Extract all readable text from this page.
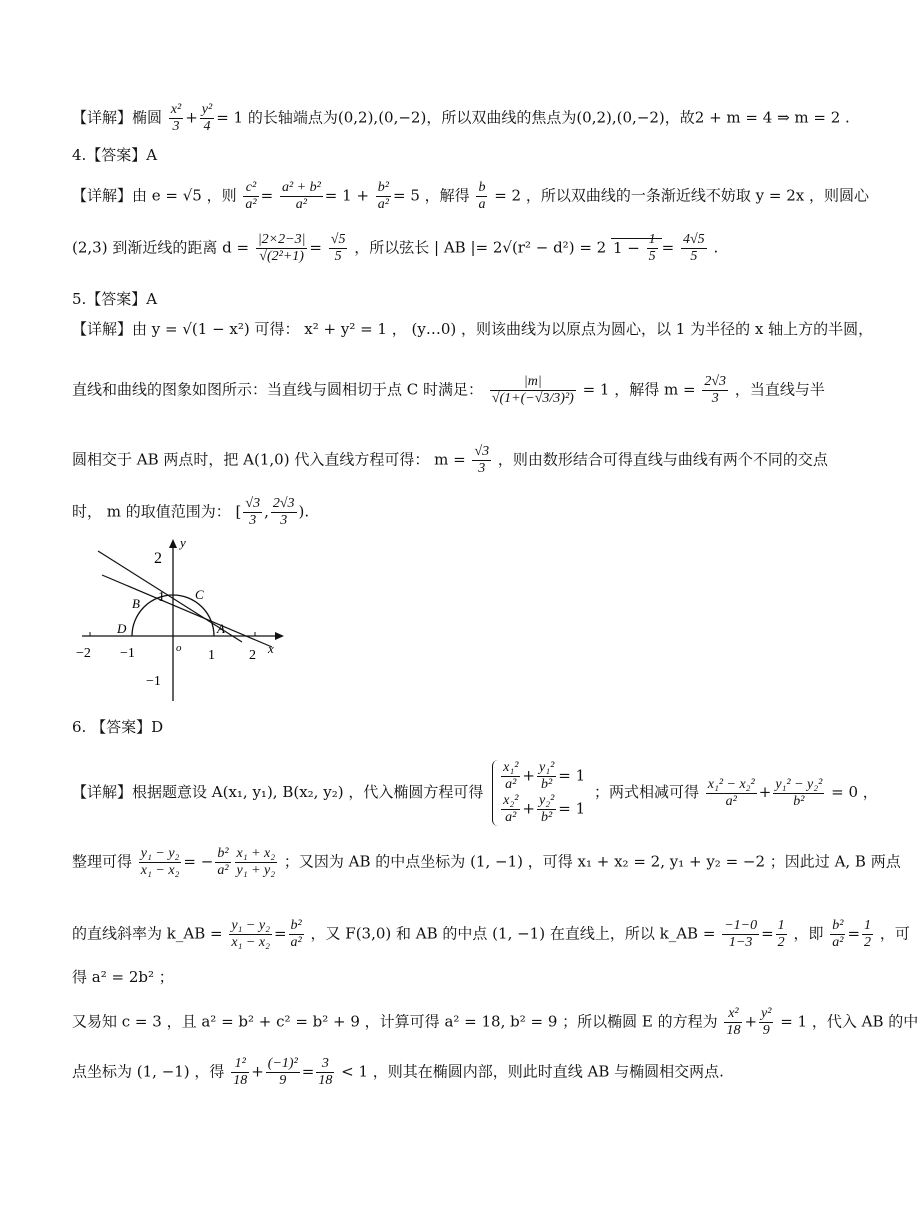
【详解】椭圆 $\frac{\text{x²}}{3} + \frac{\text{y²}}{4} = 1$ 的长轴端点为(0,2),(0,−2)，所以双曲线的焦点为(0,2),(0,−2)，故2 + m = 4 ⇒ m = 2 .
4.【答案】A
【详解】由 e = √5 ，则 $\frac{\text{c²}}{\text{a²}} = \frac{\text{a² + b²}}{\text{a²}} = 1 + \frac{\text{b²}}{\text{a²}} = 5$ ，解得 $\frac{b}{a} = 2$ ，所以双曲线的一条渐近线不妨取 y = 2x ，则圆心
(2,3) 到渐近线的距离 $d = \frac{|2\times 2-3|}{\text{√(2²+1)}} = \frac{√5}{5}$ ，所以弦长 | AB |= 2√(r² − d²) = 2 $1 - \frac{1}{5} = \frac{4√5}{5}$ .
5.【答案】A
【详解】由 y = √(1 − x²) 可得： x² + y² = 1 ， (y…0) ，则该曲线为以原点为圆心，以 1 为半径的 x 轴上方的半圆，
直线和曲线的图象如图所示：当直线与圆相切于点 C 时满足： $\frac{|m|}{\text{√(1+(−√3/3)²)}} = 1$ ，解得 $m = \frac{2√3}{3}$ ，当直线与半
圆相交于 AB 两点时，把 A(1,0) 代入直线方程可得： $m = \frac{√3}{3}$ ，则由数形结合可得直线与曲线有两个不同的交点
时， m 的取值范围为： [ $\frac{√3}{3}$ , $\frac{2√3}{3}$ ).
y
x
o
2
1
−1
−2 −1	1 2
B
C
D	A
6. 【答案】D
【详解】根据题意设 A(x₁, y₁), B(x₂, y₂) ，代入椭圆方程可得 $\frac{\text{x₁²}}{\text{a²}} + \frac{\text{y₁²}}{\text{b²}} = 1$
$\frac{\text{x₂²}}{\text{a²}} + \frac{\text{y₂²}}{\text{b²}} = 1$
；两式相减可得 $\frac{\text{x₁² − x₂²}}{\text{a²}} + \frac{\text{y₁² − y₂²}}{\text{b²}} = 0$ ，
整理可得 $\frac{\text{y₁ − y₂}}{\text{x₁ − x₂}}$ = − $\frac{\text{b²}}{\text{a²}} \frac{\text{x₁ + x₂}}{\text{y₁ + y₂}}$ ；又因为 AB 的中点坐标为 (1, −1) ，可得 x₁ + x₂ = 2, y₁ + y₂ = −2 ；因此过 A, B 两点
的直线斜率为 k_AB = $\frac{\text{y₁ − y₂}}{\text{x₁ − x₂}} = \frac{\text{b²}}{\text{a²}}$ ，又 F(3,0) 和 AB 的中点 (1, −1) 在直线上，所以 k_AB = $\frac{-1-0}{1-3} = \frac{1}{2}$ ，即 $\frac{\text{b²}}{\text{a²}} = \frac{1}{2}$ ，可
得 a² = 2b² ；
又易知 c = 3 ，且 a² = b² + c² = b² + 9 ，计算可得 a² = 18, b² = 9 ；所以椭圆 E 的方程为 $\frac{\text{x²}}{18} + \frac{\text{y²}}{9} = 1$ ，代入 AB 的中
点坐标为 (1, −1) ，得 $\frac{\text{1²}}{18} + \frac{\text{(−1)²}}{9} = \frac{3}{18} < 1$ ，则其在椭圆内部，则此时直线 AB 与椭圆相交两点.
